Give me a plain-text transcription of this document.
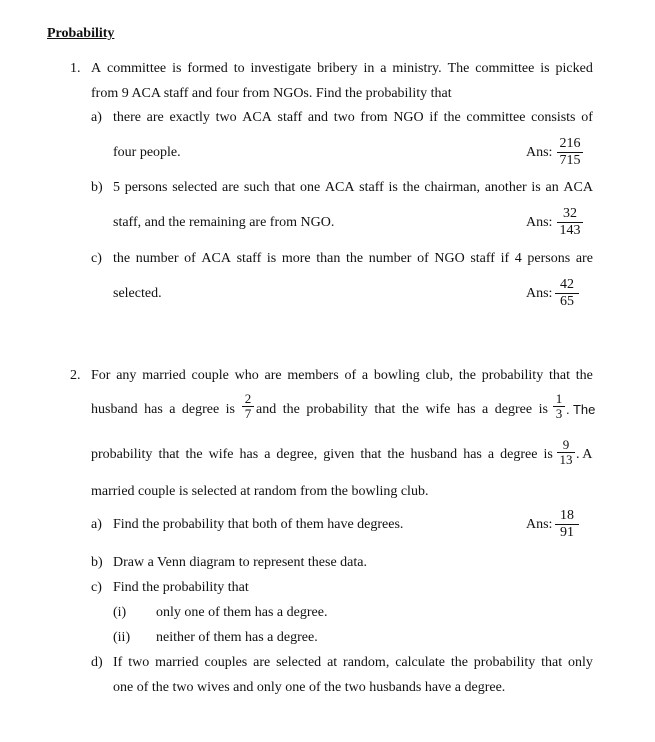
Probability
1. A committee is formed to investigate bribery in a ministry. The committee is picked
from 9 ACA staff and four from NGOs. Find the probability that
a) there are exactly two ACA staff and two from NGO if the committee consists of
four people.	Ans:
216
715
b) 5 persons selected are such that one ACA staff is the chairman, another is an ACA
staff, and the remaining are from NGO.	Ans:
32
143
c) the number of ACA staff is more than the number of NGO staff if 4 persons are
selected.	Ans:
42
65
2. For any married couple who are members of a bowling club, the probability that the
husband has a degree is
2
7 and the probability that the wife has a degree is
1
3 . The
probability that the wife has a degree, given that the husband has a degree is
9
13 . A
married couple is selected at random from the bowling club.
a) Find the probability that both of them have degrees.	Ans:
18
91
b) Draw a Venn diagram to represent these data.
c) Find the probability that
(i) only one of them has a degree.
(ii) neither of them has a degree.
d) If two married couples are selected at random, calculate the probability that only
one of the two wives and only one of the two husbands have a degree.
